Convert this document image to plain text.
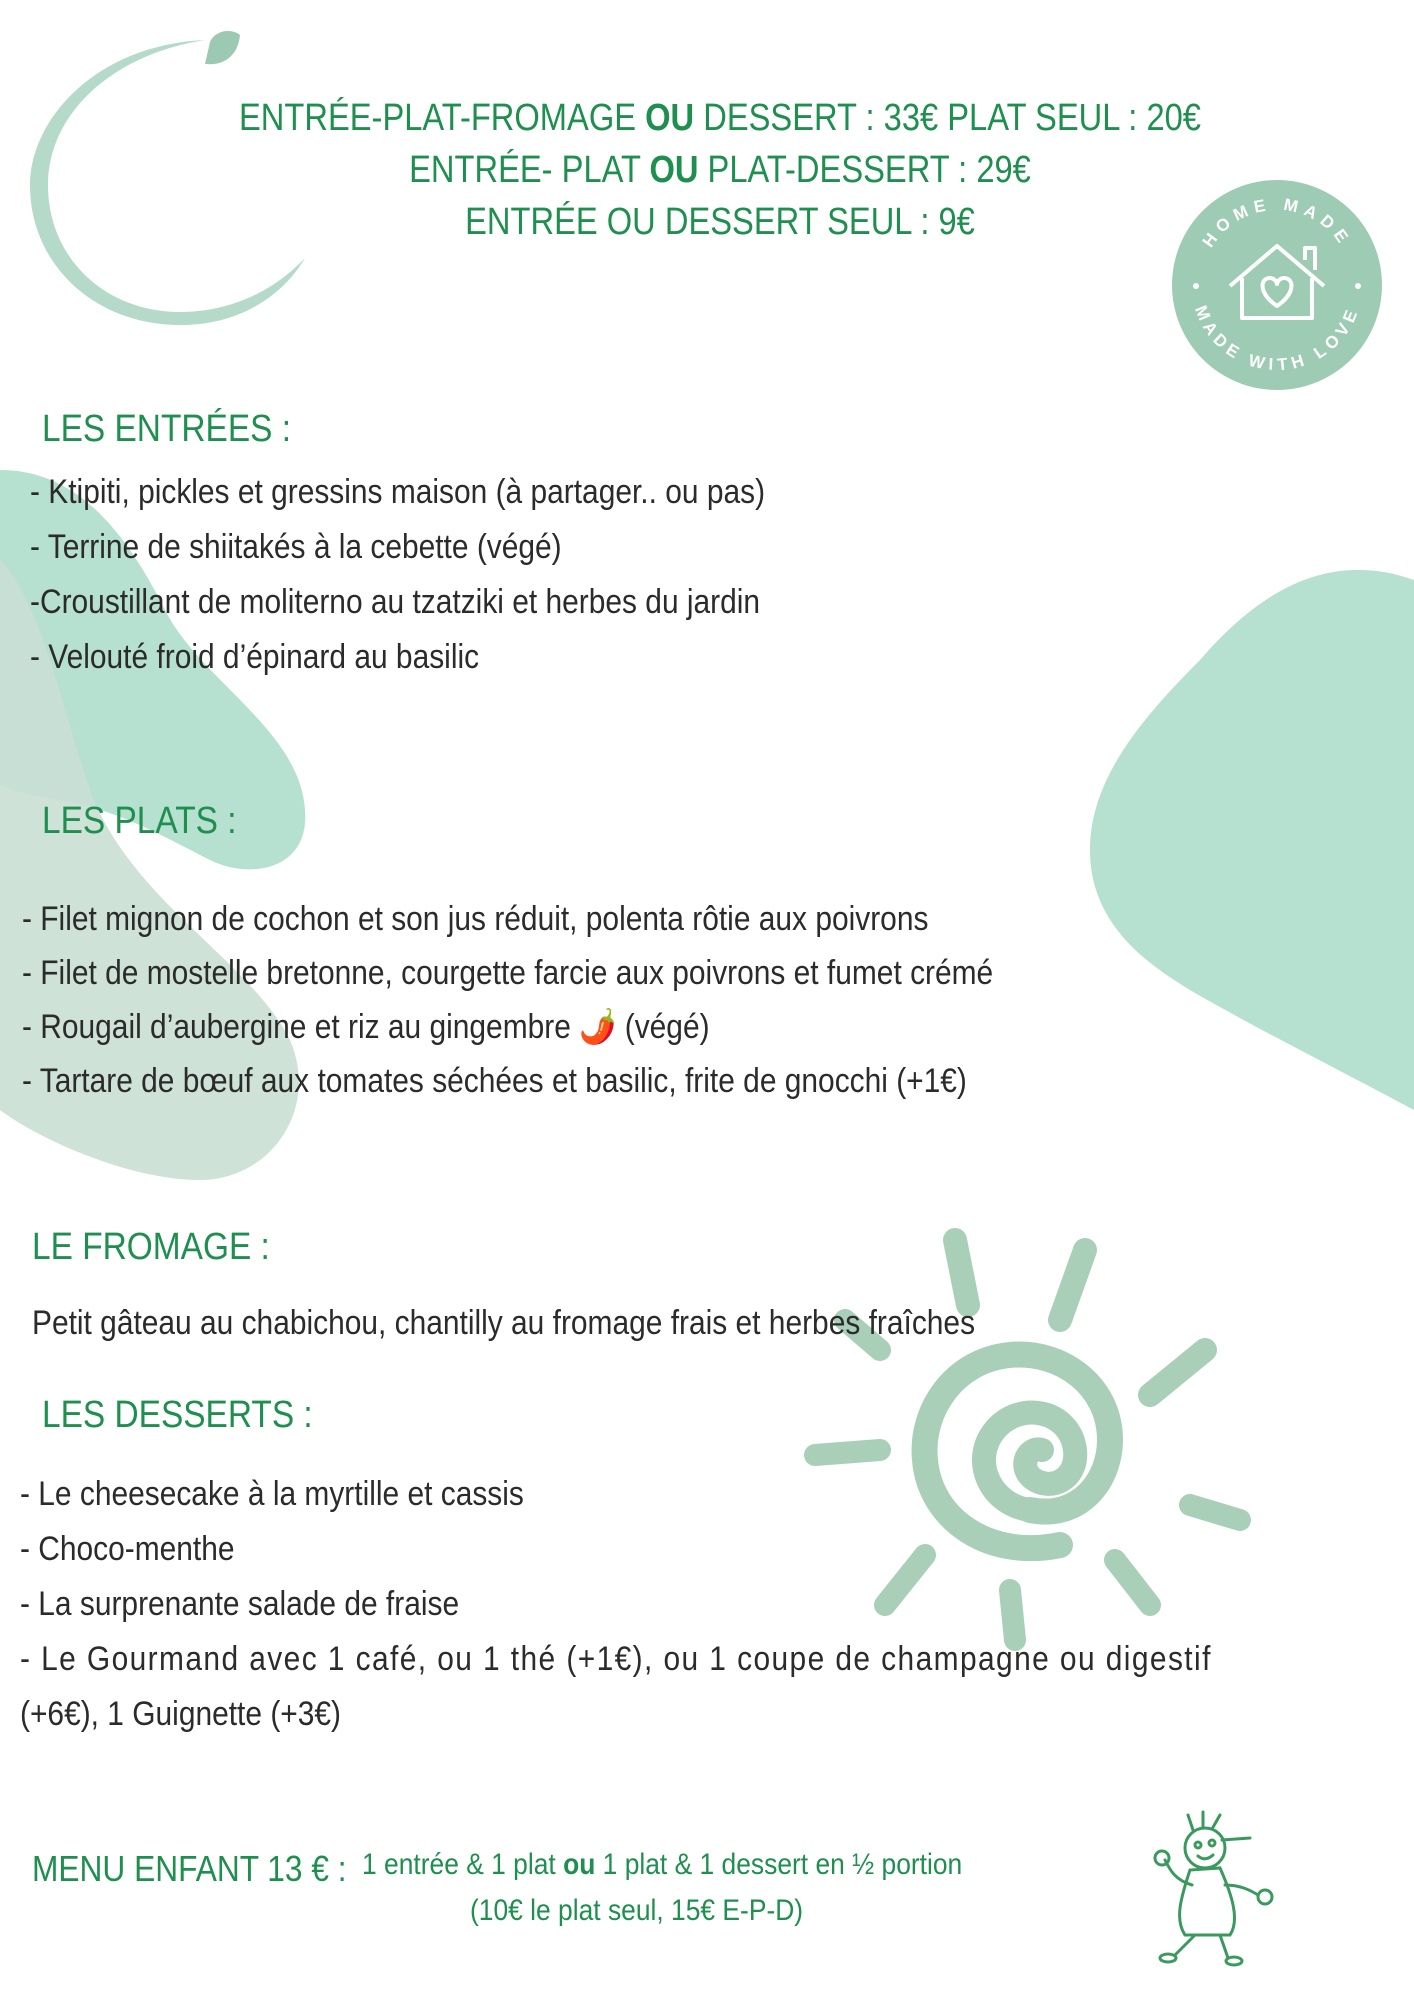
HOME MADE
MADE WITH LOVE
ENTRÉE-PLAT-FROMAGE OU DESSERT : 33€ PLAT SEUL : 20€
ENTRÉE- PLAT OU PLAT-DESSERT : 29€
ENTRÉE OU DESSERT SEUL : 9€
LES ENTRÉES :
- Ktipiti, pickles et gressins maison (à partager.. ou pas)
- Terrine de shiitakés à la cebette (végé)
-Croustillant de moliterno au tzatziki et herbes du jardin
- Velouté froid d’épinard au basilic
LES PLATS :
- Filet mignon de cochon et son jus réduit, polenta rôtie aux poivrons
- Filet de mostelle bretonne, courgette farcie aux poivrons et fumet crémé
- Rougail d’aubergine et riz au gingembre 🌶️ (végé)
- Tartare de bœuf aux tomates séchées et basilic, frite de gnocchi (+1€)
LE FROMAGE :
Petit gâteau au chabichou, chantilly au fromage frais et herbes fraîches
LES DESSERTS :
- Le cheesecake à la myrtille et cassis
- Choco-menthe
- La surprenante salade de fraise
- Le Gourmand avec 1 café, ou 1 thé (+1€), ou 1 coupe de champagne ou digestif
(+6€), 1 Guignette (+3€)
MENU ENFANT 13 € : 1 entrée & 1 plat ou 1 plat & 1 dessert en ½ portion
(10€ le plat seul, 15€ E-P-D)
